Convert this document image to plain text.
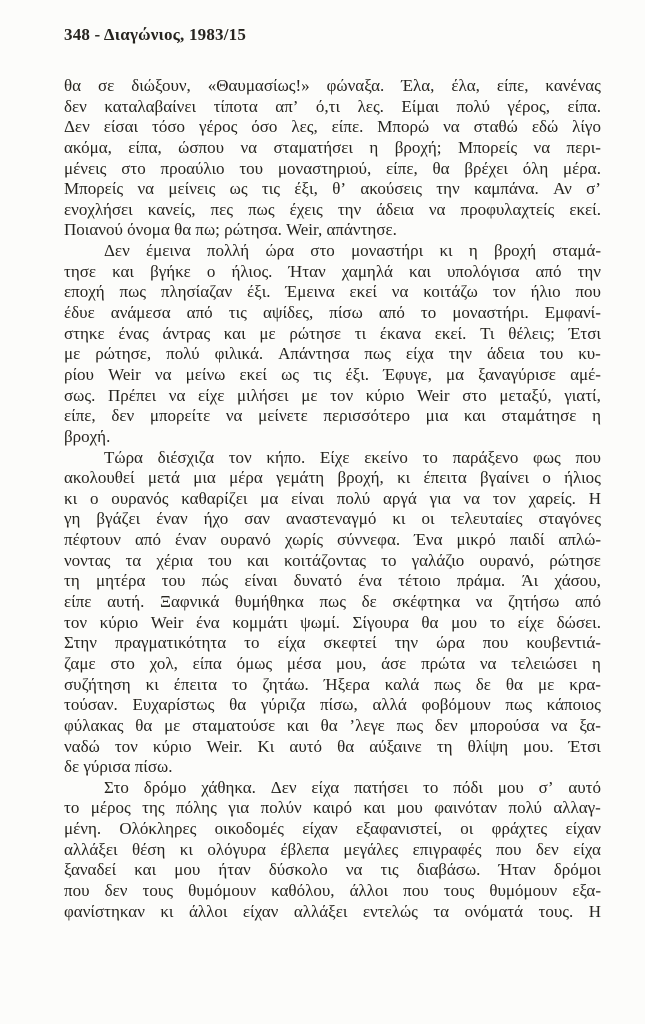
348 - Διαγώνιος, 1983/15
θα σε διώξουν, «Θαυμασίως!» φώναξα. Έλα, έλα, είπε, κανένας
δεν καταλαβαίνει τίποτα απ’ ό,τι λες. Είμαι πολύ γέρος, είπα.
Δεν είσαι τόσο γέρος όσο λες, είπε. Μπορώ να σταθώ εδώ λίγο
ακόμα, είπα, ώσπου να σταματήσει η βροχή; Μπορείς να περι-
μένεις στο προαύλιο του μοναστηριού, είπε, θα βρέχει όλη μέρα.
Μπορείς να μείνεις ως τις έξι, θ’ ακούσεις την καμπάνα. Αν σ’
ενοχλήσει κανείς, πες πως έχεις την άδεια να προφυλαχτείς εκεί.
Ποιανού όνομα θα πω; ρώτησα. Weir, απάντησε.
Δεν έμεινα πολλή ώρα στο μοναστήρι κι η βροχή σταμά-
τησε και βγήκε ο ήλιος. Ήταν χαμηλά και υπολόγισα από την
εποχή πως πλησίαζαν έξι. Έμεινα εκεί να κοιτάζω τον ήλιο που
έδυε ανάμεσα από τις αψίδες, πίσω από το μοναστήρι. Εμφανί-
στηκε ένας άντρας και με ρώτησε τι έκανα εκεί. Τι θέλεις; Έτσι
με ρώτησε, πολύ φιλικά. Απάντησα πως είχα την άδεια του κυ-
ρίου Weir να μείνω εκεί ως τις έξι. Έφυγε, μα ξαναγύρισε αμέ-
σως. Πρέπει να είχε μιλήσει με τον κύριο Weir στο μεταξύ, γιατί,
είπε, δεν μπορείτε να μείνετε περισσότερο μια και σταμάτησε η
βροχή.
Τώρα διέσχιζα τον κήπο. Είχε εκείνο το παράξενο φως που
ακολουθεί μετά μια μέρα γεμάτη βροχή, κι έπειτα βγαίνει ο ήλιος
κι ο ουρανός καθαρίζει μα είναι πολύ αργά για να τον χαρείς. Η
γη βγάζει έναν ήχο σαν αναστεναγμό κι οι τελευταίες σταγόνες
πέφτουν από έναν ουρανό χωρίς σύννεφα. Ένα μικρό παιδί απλώ-
νοντας τα χέρια του και κοιτάζοντας το γαλάζιο ουρανό, ρώτησε
τη μητέρα του πώς είναι δυνατό ένα τέτοιο πράμα. Άι χάσου,
είπε αυτή. Ξαφνικά θυμήθηκα πως δε σκέφτηκα να ζητήσω από
τον κύριο Weir ένα κομμάτι ψωμί. Σίγουρα θα μου το είχε δώσει.
Στην πραγματικότητα το είχα σκεφτεί την ώρα που κουβεντιά-
ζαμε στο χολ, είπα όμως μέσα μου, άσε πρώτα να τελειώσει η
συζήτηση κι έπειτα το ζητάω. Ήξερα καλά πως δε θα με κρα-
τούσαν. Ευχαρίστως θα γύριζα πίσω, αλλά φοβόμουν πως κάποιος
φύλακας θα με σταματούσε και θα ’λεγε πως δεν μπορούσα να ξα-
ναδώ τον κύριο Weir. Κι αυτό θα αύξαινε τη θλίψη μου. Έτσι
δε γύρισα πίσω.
Στο δρόμο χάθηκα. Δεν είχα πατήσει το πόδι μου σ’ αυτό
το μέρος της πόλης για πολύν καιρό και μου φαινόταν πολύ αλλαγ-
μένη. Ολόκληρες οικοδομές είχαν εξαφανιστεί, οι φράχτες είχαν
αλλάξει θέση κι ολόγυρα έβλεπα μεγάλες επιγραφές που δεν είχα
ξαναδεί και μου ήταν δύσκολο να τις διαβάσω. Ήταν δρόμοι
που δεν τους θυμόμουν καθόλου, άλλοι που τους θυμόμουν εξα-
φανίστηκαν κι άλλοι είχαν αλλάξει εντελώς τα ονόματά τους. Η
